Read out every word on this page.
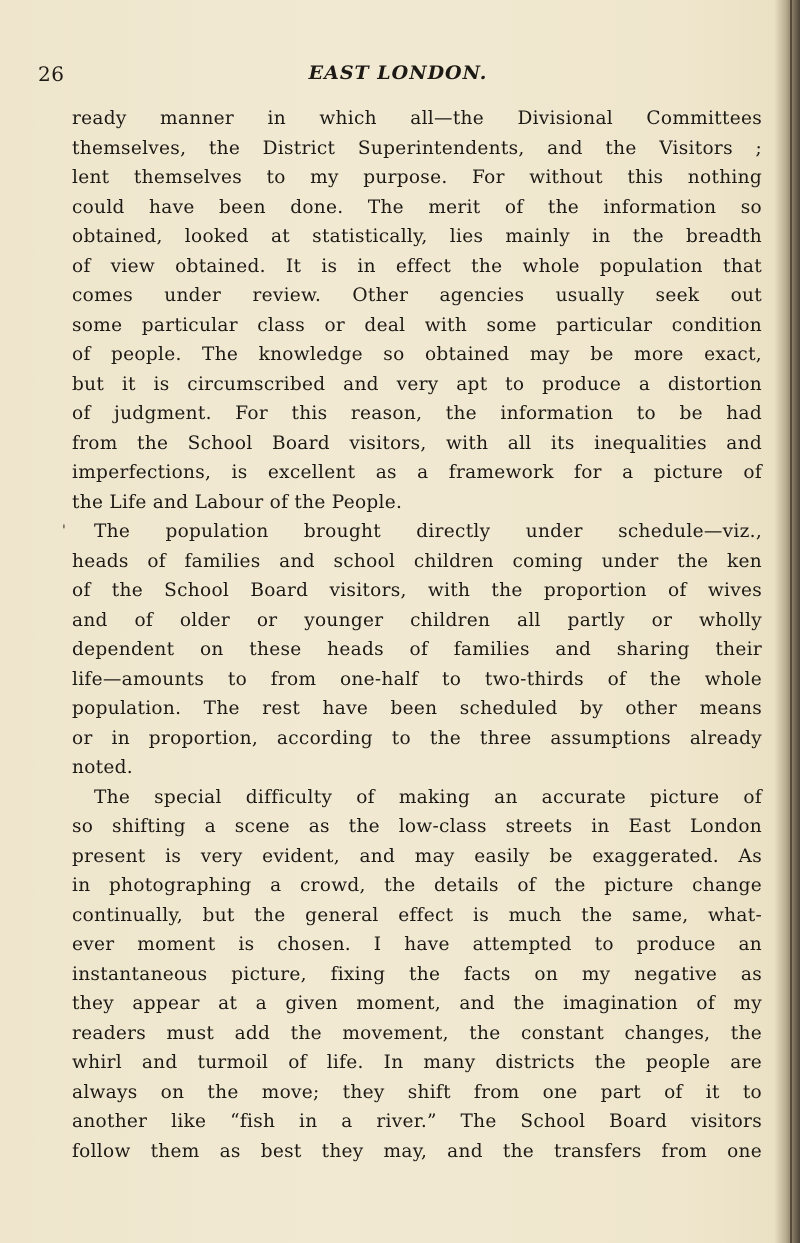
26	EAST LONDON.
'
ready manner in which all—the Divisional Committees
themselves, the District Superintendents, and the Visitors ;
lent themselves to my purpose. For without this nothing
could have been done. The merit of the information so
obtained, looked at statistically, lies mainly in the breadth
of view obtained. It is in effect the whole population that
comes under review. Other agencies usually seek out
some particular class or deal with some particular condition
of people. The knowledge so obtained may be more exact,
but it is circumscribed and very apt to produce a distortion
of judgment. For this reason, the information to be had
from the School Board visitors, with all its inequalities and
imperfections, is excellent as a framework for a picture of
the Life and Labour of the People.
The population brought directly under schedule—viz.,
heads of families and school children coming under the ken
of the School Board visitors, with the proportion of wives
and of older or younger children all partly or wholly
dependent on these heads of families and sharing their
life—amounts to from one-half to two-thirds of the whole
population. The rest have been scheduled by other means
or in proportion, according to the three assumptions already
noted.
The special difficulty of making an accurate picture of
so shifting a scene as the low-class streets in East London
present is very evident, and may easily be exaggerated. As
in photographing a crowd, the details of the picture change
continually, but the general effect is much the same, what-
ever moment is chosen. I have attempted to produce an
instantaneous picture, fixing the facts on my negative as
they appear at a given moment, and the imagination of my
readers must add the movement, the constant changes, the
whirl and turmoil of life. In many districts the people are
always on the move; they shift from one part of it to
another like “fish in a river.” The School Board visitors
follow them as best they may, and the transfers from one
